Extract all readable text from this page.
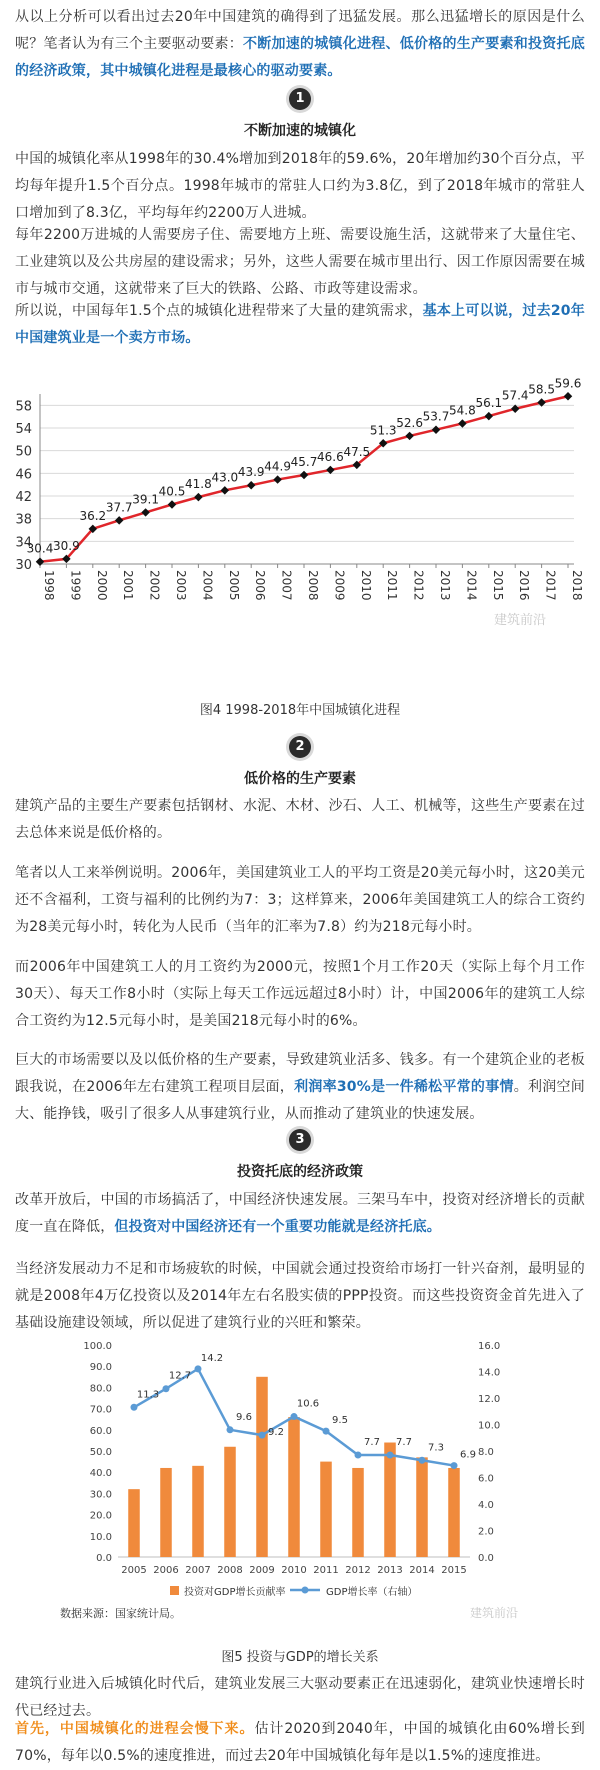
从以上分析可以看出过去20年中国建筑的确得到了迅猛发展。那么迅猛增长的原因是什么呢？笔者认为有三个主要驱动要素：不断加速的城镇化进程、低价格的生产要素和投资托底的经济政策，其中城镇化进程是最核心的驱动要素。

1
不断加速的城镇化

中国的城镇化率从1998年的30.4%增加到2018年的59.6%，20年增加约30个百分点，平均每年提升1.5个百分点。1998年城市的常驻人口约为3.8亿，到了2018年城市的常驻人口增加到了8.3亿，平均每年约2200万人进城。

每年2200万进城的人需要房子住、需要地方上班、需要设施生活，这就带来了大量住宅、工业建筑以及公共房屋的建设需求；另外，这些人需要在城市里出行、因工作原因需要在城市与城市交通，这就带来了巨大的铁路、公路、市政等建设需求。

所以说，中国每年1.5个点的城镇化进程带来了大量的建筑需求，基本上可以说，过去20年中国建筑业是一个卖方市场。

30
34
38
42
46
50
54
58
1998 1999 2000 2001 2002 2003 2004 2005 2006 2007 2008 2009 2010 2011 2012 2013 2014 2015 2016 2017 2018
30.4 30.9
36.2
37.7
39.1
40.5
41.8 43.0 43.9 44.9 45.7 46.6 47.5
51.3
52.6 53.7 54.8
56.1
57.4 58.5 59.6
建筑前沿
图4 1998-2018年中国城镇化进程
2
低价格的生产要素

建筑产品的主要生产要素包括钢材、水泥、木材、沙石、人工、机械等，这些生产要素在过去总体来说是低价格的。

笔者以人工来举例说明。2006年，美国建筑业工人的平均工资是20美元每小时，这20美元还不含福利，工资与福利的比例约为7：3；这样算来，2006年美国建筑工人的综合工资约为28美元每小时，转化为人民币（当年的汇率为7.8）约为218元每小时。

而2006年中国建筑工人的月工资约为2000元，按照1个月工作20天（实际上每个月工作30天）、每天工作8小时（实际上每天工作远远超过8小时）计，中国2006年的建筑工人综合工资约为12.5元每小时，是美国218元每小时的6%。

巨大的市场需要以及以低价格的生产要素，导致建筑业活多、钱多。有一个建筑企业的老板跟我说，在2006年左右建筑工程项目层面，利润率30%是一件稀松平常的事情。利润空间大、能挣钱，吸引了很多人从事建筑行业，从而推动了建筑业的快速发展。

3
投资托底的经济政策

改革开放后，中国的市场搞活了，中国经济快速发展。三架马车中，投资对经济增长的贡献度一直在降低，但投资对中国经济还有一个重要功能就是经济托底。

当经济发展动力不足和市场疲软的时候，中国就会通过投资给市场打一针兴奋剂，最明显的就是2008年4万亿投资以及2014年左右名股实债的PPP投资。而这些投资资金首先进入了基础设施建设领域，所以促进了建筑行业的兴旺和繁荣。

0.0
10.0
20.0
30.0
40.0
50.0
60.0
70.0
80.0
90.0
100.0
0.0
2.0
4.0
6.0
8.0
10.0
12.0
14.0
16.0
2005 2006 2007 2008 2009 2010 2011 2012 2013 2014 2015
11.3
12.7
14.2
9.6
9.2
10.6
9.5
7.7 7.7 7.3
6.9
投资对GDP增长贡献率	GDP增长率（右轴）
数据来源：国家统计局。	建筑前沿
图5 投资与GDP的增长关系

建筑行业进入后城镇化时代后，建筑业发展三大驱动要素正在迅速弱化，建筑业快速增长时代已经过去。

首先，中国城镇化的进程会慢下来。估计2020到2040年，中国的城镇化由60%增长到70%，每年以0.5%的速度推进，而过去20年中国城镇化每年是以1.5%的速度推进。
